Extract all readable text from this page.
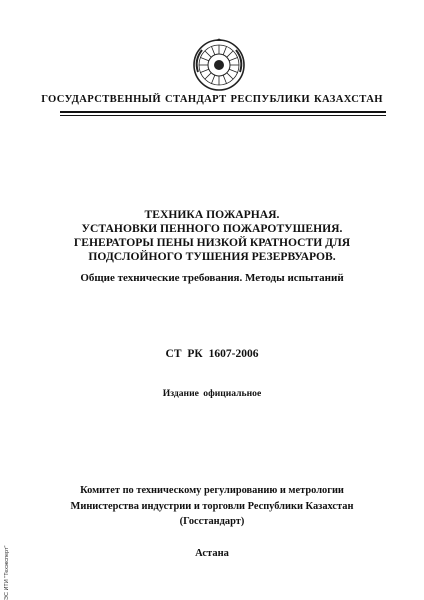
ГОСУДАРСТВЕННЫЙ СТАНДАРТ РЕСПУБЛИКИ КАЗАХСТАН
ТЕХНИКА ПОЖАРНАЯ.
УСТАНОВКИ ПЕННОГО ПОЖАРОТУШЕНИЯ.
ГЕНЕРАТОРЫ ПЕНЫ НИЗКОЙ КРАТНОСТИ ДЛЯ
ПОДСЛОЙНОГО ТУШЕНИЯ РЕЗЕРВУАРОВ.
Общие технические требования. Методы испытаний
СТ РК 1607-2006
Издание официальное
Комитет по техническому регулированию и метрологии
Министерства индустрии и торговли Республики Казахстан
(Госстандарт)
Астана
ЭС ИТИ "Техэксперт"
